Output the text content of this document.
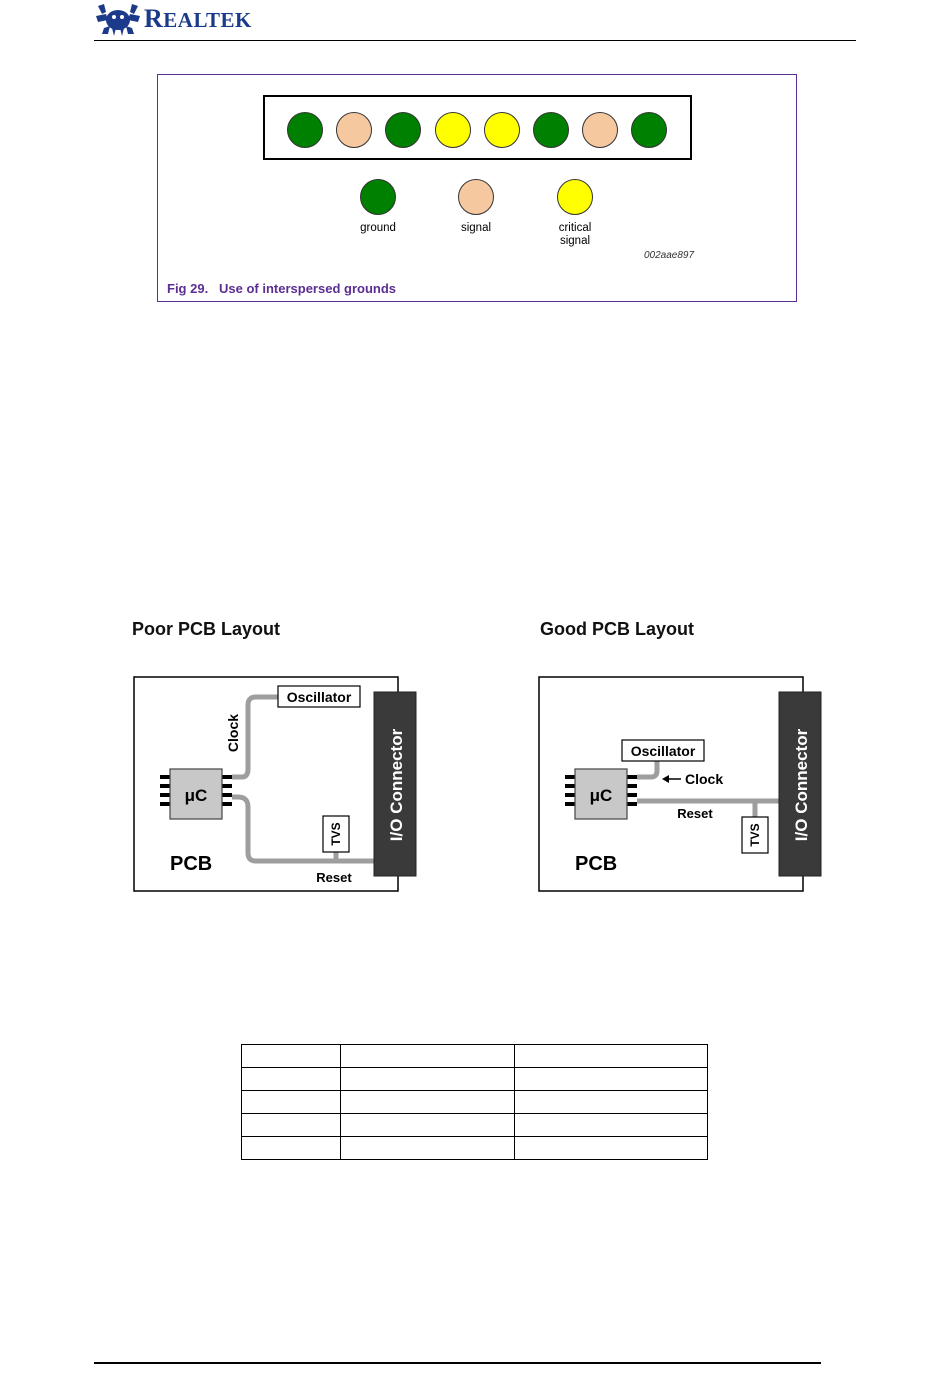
REALTEK
ground	signal	critical
signal
002aae897
Fig 29.   Use of interspersed grounds
Poor PCB Layout	Good PCB Layout
Oscillator
Clock
μC
TVS
PCB
Reset
I/O Connector	Oscillator
Clock
μC
Reset
TVS
PCB
I/O Connector
